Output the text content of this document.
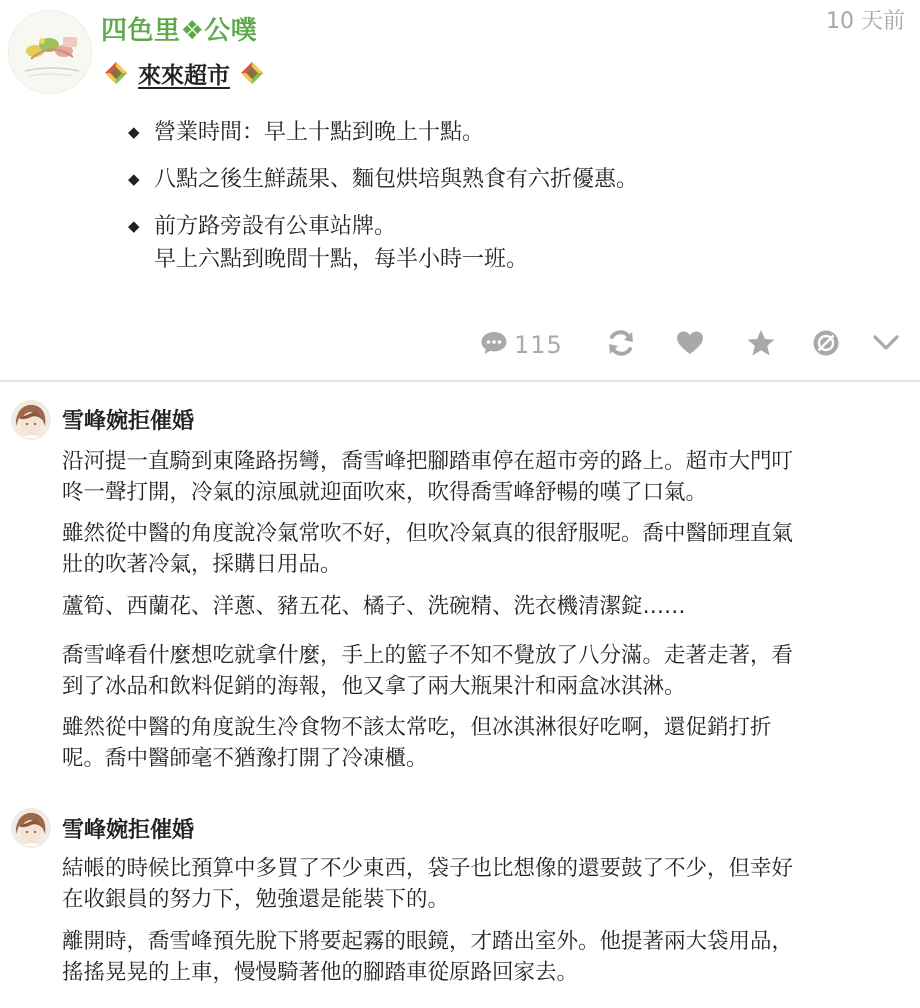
四色里❖公噗	10 天前
來來超市
◆ 營業時間：早上十點到晚上十點。
◆ 八點之後生鮮蔬果、麵包烘培與熟食有六折優惠。
◆ 前方路旁設有公車站牌。
早上六點到晚間十點，每半小時一班。
115
雪峰婉拒催婚
沿河提一直騎到東隆路拐彎，喬雪峰把腳踏車停在超市旁的路上。超市大門叮
咚一聲打開，冷氣的涼風就迎面吹來，吹得喬雪峰舒暢的嘆了口氣。
雖然從中醫的角度說冷氣常吹不好，但吹冷氣真的很舒服呢。喬中醫師理直氣
壯的吹著冷氣，採購日用品。
蘆筍、西蘭花、洋蔥、豬五花、橘子、洗碗精、洗衣機清潔錠……
喬雪峰看什麼想吃就拿什麼，手上的籃子不知不覺放了八分滿。走著走著，看
到了冰品和飲料促銷的海報，他又拿了兩大瓶果汁和兩盒冰淇淋。
雖然從中醫的角度說生冷食物不該太常吃，但冰淇淋很好吃啊，還促銷打折
呢。喬中醫師毫不猶豫打開了冷凍櫃。
雪峰婉拒催婚
結帳的時候比預算中多買了不少東西，袋子也比想像的還要鼓了不少，但幸好
在收銀員的努力下，勉強還是能裝下的。
離開時，喬雪峰預先脫下將要起霧的眼鏡，才踏出室外。他提著兩大袋用品，
搖搖晃晃的上車，慢慢騎著他的腳踏車從原路回家去。
